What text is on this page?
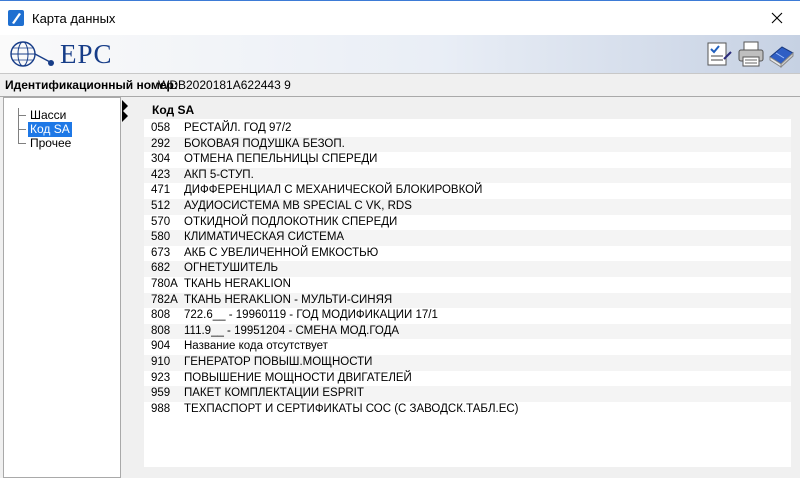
Карта данных
EPC
Идентификационный номер:
WDB2020181A622443 9
Шасси
Код SA
Прочее
Код SA
058 РЕСТАЙЛ. ГОД 97/2
292 БОКОВАЯ ПОДУШКА БЕЗОП.
304 ОТМЕНА ПЕПЕЛЬНИЦЫ СПЕРЕДИ
423 АКП 5-СТУП.
471 ДИФФЕРЕНЦИАЛ С МЕХАНИЧЕСКОЙ БЛОКИРОВКОЙ
512 АУДИОСИСТЕМА MB SPECIAL С VK, RDS
570 ОТКИДНОЙ ПОДЛОКОТНИК СПЕРЕДИ
580 КЛИМАТИЧЕСКАЯ СИСТЕМА
673 АКБ С УВЕЛИЧЕННОЙ ЕМКОСТЬЮ
682 ОГНЕТУШИТЕЛЬ
780A ТКАНЬ HERAKLION
782A ТКАНЬ HERAKLION - МУЛЬТИ-СИНЯЯ
808 722.6__ - 19960119 - ГОД МОДИФИКАЦИИ 17/1
808 111.9__ - 19951204 - СМЕНА МОД.ГОДА
904 Название кода отсутствует
910 ГЕНЕРАТОР ПОВЫШ.МОЩНОСТИ
923 ПОВЫШЕНИЕ МОЩНОСТИ ДВИГАТЕЛЕЙ
959 ПАКЕТ КОМПЛЕКТАЦИИ ESPRIT
988 ТЕХПАСПОРТ И СЕРТИФИКАТЫ СОС (С ЗАВОДСК.ТАБЛ.ЕС)
